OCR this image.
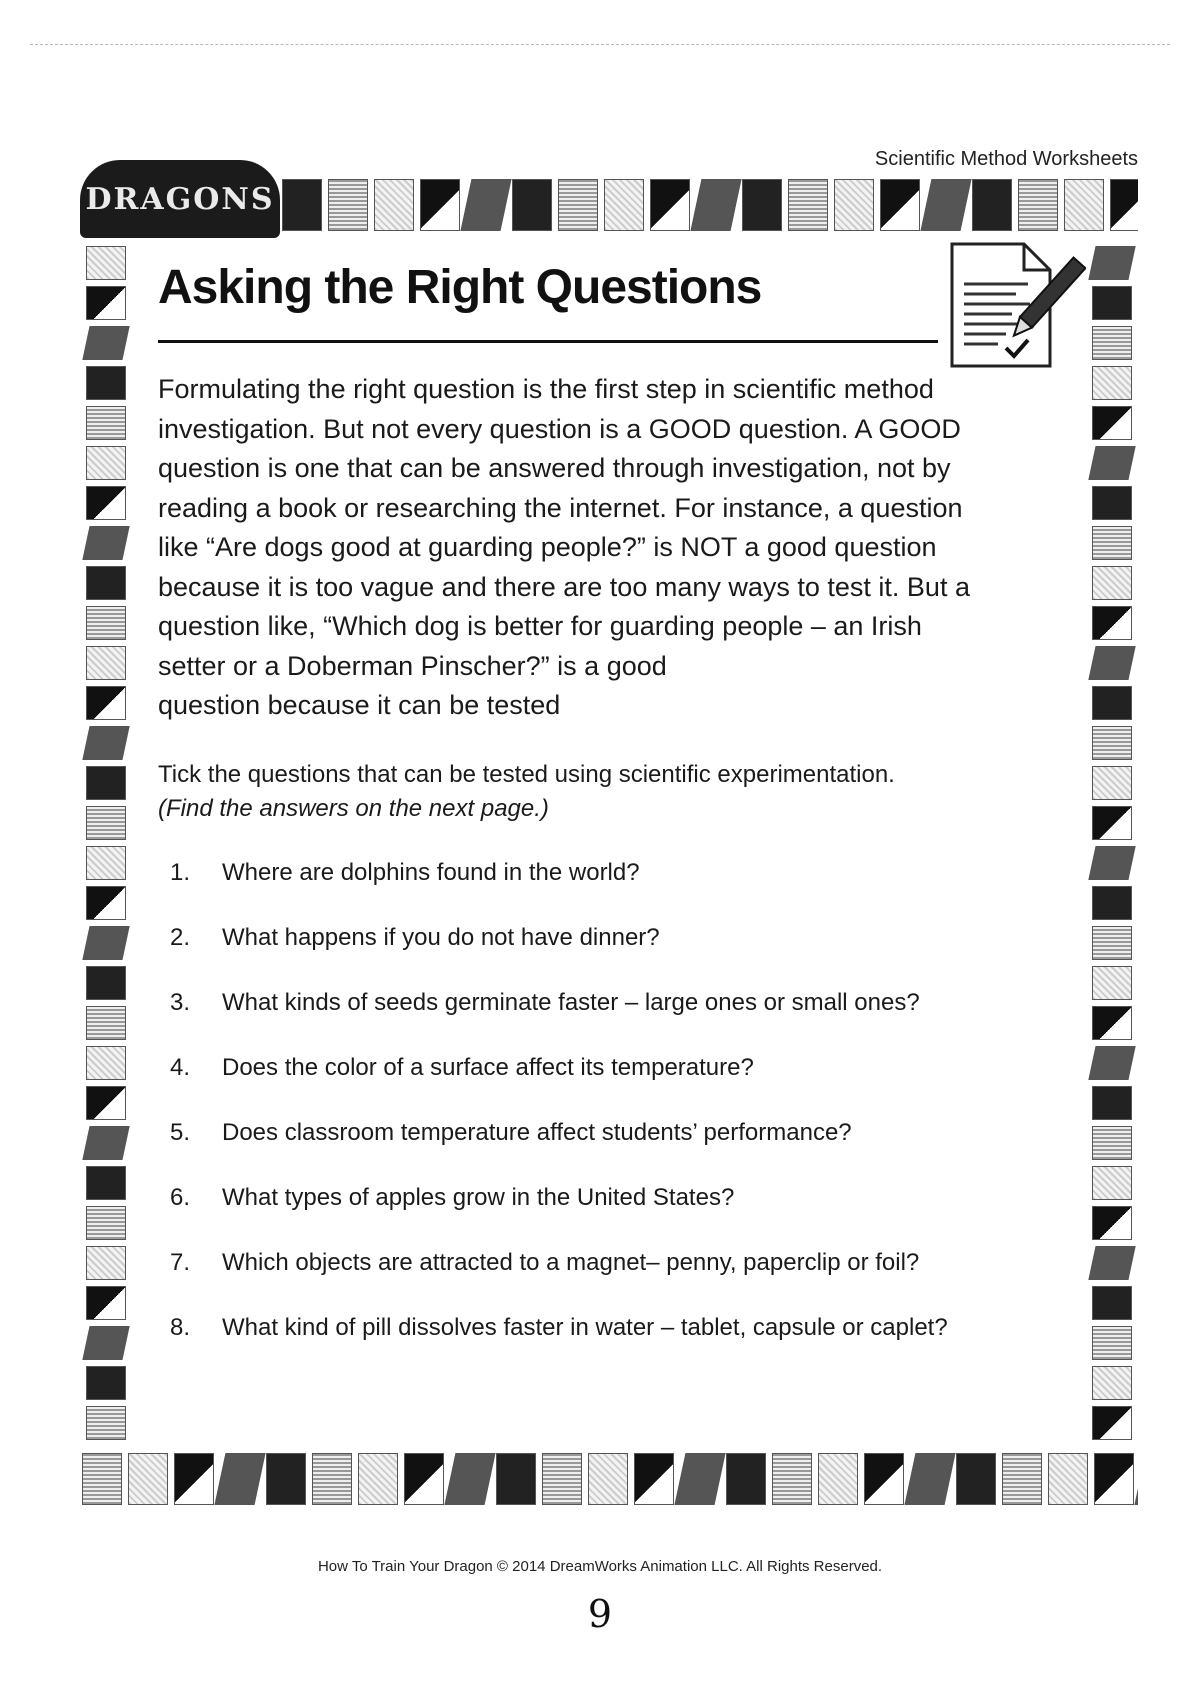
Scientific Method Worksheets
DRAGONS
Asking the Right Questions

Formulating the right question is the first step in scientific method
investigation. But not every question is a GOOD question. A GOOD
question is one that can be answered through investigation, not by
reading a book or researching the internet. For instance, a question
like “Are dogs good at guarding people?” is NOT a good question
because it is too vague and there are too many ways to test it. But a
question like, “Which dog is better for guarding people – an Irish
setter or a Doberman Pinscher?” is a good
question because it can be tested

Tick the questions that can be tested using scientific experimentation.
(Find the answers on the next page.)
1.	Where are dolphins found in the world?
2.	What happens if you do not have dinner?
3.	What kinds of seeds germinate faster – large ones or small ones?
4.	Does the color of a surface affect its temperature?
5.	Does classroom temperature affect students’ performance?
6.	What types of apples grow in the United States?
7.	Which objects are attracted to a magnet– penny, paperclip or foil?
8.	What kind of pill dissolves faster in water – tablet, capsule or caplet?
How To Train Your Dragon © 2014 DreamWorks Animation LLC. All Rights Reserved.
9
